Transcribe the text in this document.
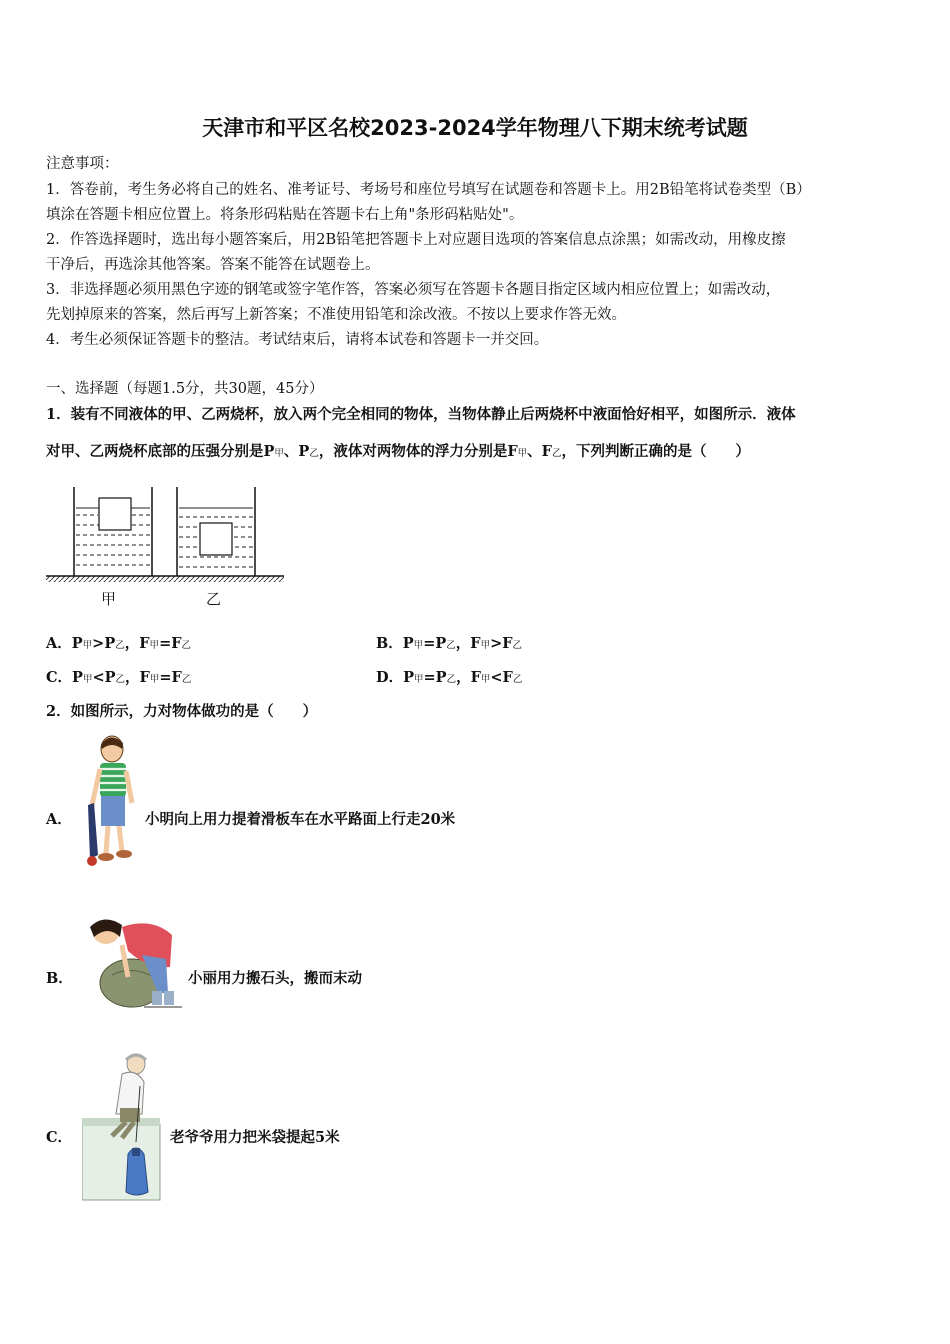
天津市和平区名校2023-2024学年物理八下期末统考试题
注意事项：
1．答卷前，考生务必将自己的姓名、准考证号、考场号和座位号填写在试题卷和答题卡上。用2B铅笔将试卷类型（B）
填涂在答题卡相应位置上。将条形码粘贴在答题卡右上角"条形码粘贴处"。
2．作答选择题时，选出每小题答案后，用2B铅笔把答题卡上对应题目选项的答案信息点涂黑；如需改动，用橡皮擦
干净后，再选涂其他答案。答案不能答在试题卷上。
3．非选择题必须用黑色字迹的钢笔或签字笔作答，答案必须写在答题卡各题目指定区域内相应位置上；如需改动，
先划掉原来的答案，然后再写上新答案；不准使用铅笔和涂改液。不按以上要求作答无效。
4．考生必须保证答题卡的整洁。考试结束后，请将本试卷和答题卡一并交回。
一、选择题（每题1.5分，共30题，45分）
1．装有不同液体的甲、乙两烧杯，放入两个完全相同的物体，当物体静止后两烧杯中液面恰好相平，如图所示．液体
对甲、乙两烧杯底部的压强分别是P甲、P乙，液体对两物体的浮力分别是F甲、F乙，下列判断正确的是（　　）
甲	乙
A．P甲>P乙，F甲=F乙	B．P甲=P乙，F甲>F乙
C．P甲<P乙，F甲=F乙	D．P甲=P乙，F甲<F乙
2．如图所示，力对物体做功的是（　　）
A．	小明向上用力提着滑板车在水平路面上行走20米
B．	小丽用力搬石头，搬而末动
C．	老爷爷用力把米袋提起5米
